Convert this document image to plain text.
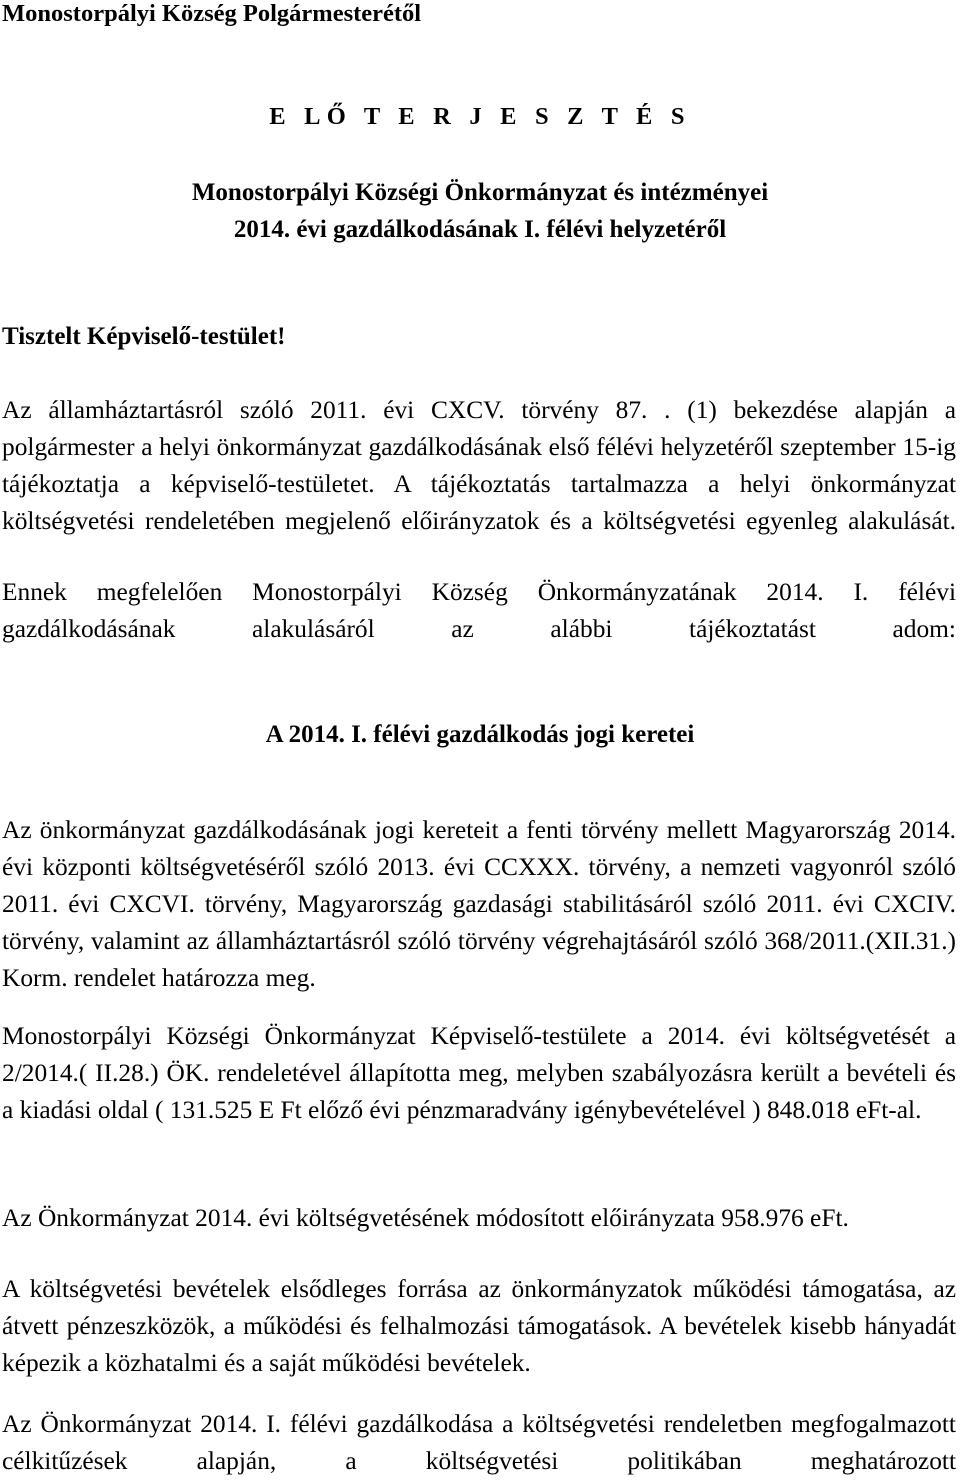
Monostorpályi Község Polgármesterétől

E LŐ T E R J E S Z T É S

Monostorpályi Községi Önkormányzat és intézményei

2014. évi gazdálkodásának I. félévi helyzetéről

Tisztelt Képviselő-testület!

Az államháztartásról szóló 2011. évi CXCV. törvény 87. . (1) bekezdése alapján a polgármester a helyi önkormányzat gazdálkodásának első félévi helyzetéről szeptember 15-ig tájékoztatja a képviselő-testületet. A tájékoztatás tartalmazza a helyi önkormányzat költségvetési rendeletében megjelenő előirányzatok és a költségvetési egyenleg alakulását.

Ennek megfelelően Monostorpályi Község Önkormányzatának 2014. I. félévi gazdálkodásának alakulásáról az alábbi tájékoztatást adom:

A 2014. I. félévi gazdálkodás jogi keretei

Az önkormányzat gazdálkodásának jogi kereteit a fenti törvény mellett Magyarország 2014. évi központi költségvetéséről szóló 2013. évi CCXXX. törvény, a nemzeti vagyonról szóló 2011. évi CXCVI. törvény, Magyarország gazdasági stabilitásáról szóló 2011. évi CXCIV. törvény, valamint az államháztartásról szóló törvény végrehajtásáról szóló 368/2011.(XII.31.) Korm. rendelet határozza meg.

Monostorpályi Községi Önkormányzat Képviselő-testülete a 2014. évi költségvetését a 2/2014.( II.28.) ÖK. rendeletével állapította meg, melyben szabályozásra került a bevételi és a kiadási oldal ( 131.525 E Ft előző évi pénzmaradvány igénybevételével ) 848.018 eFt-al.

Az Önkormányzat 2014. évi költségvetésének módosított előirányzata 958.976 eFt.

A költségvetési bevételek elsődleges forrása az önkormányzatok működési támogatása, az átvett pénzeszközök, a működési és felhalmozási támogatások. A bevételek kisebb hányadát képezik a közhatalmi és a saját működési bevételek.

Az Önkormányzat 2014. I. félévi gazdálkodása a költségvetési rendeletben megfogalmazott célkitűzések alapján, a költségvetési politikában meghatározott
